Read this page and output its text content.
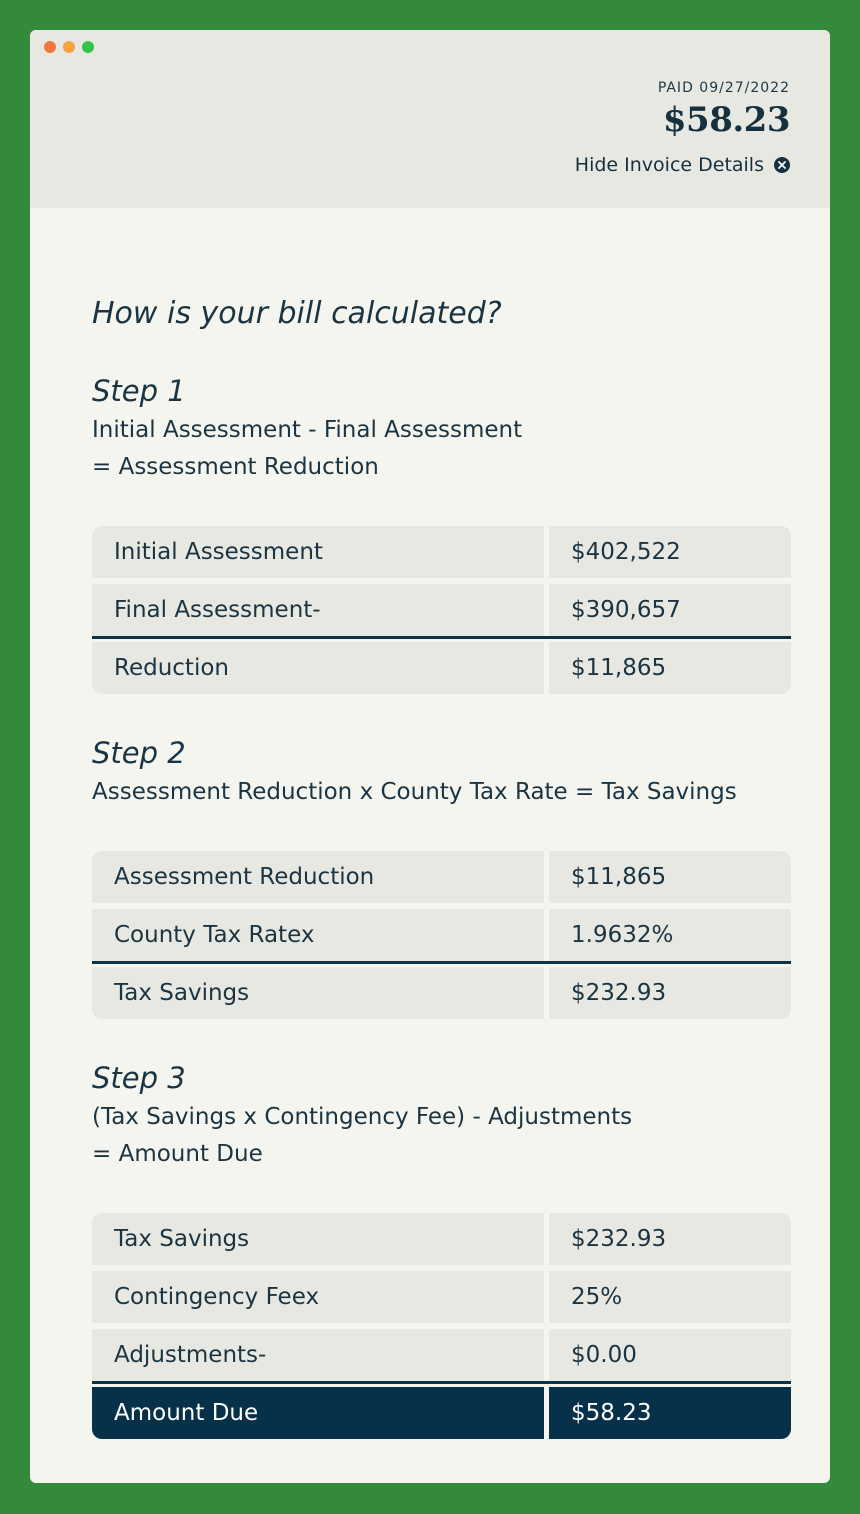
PAID 09/27/2022
$58.23
Hide Invoice Details
How is your bill calculated?
Step 1
Initial Assessment - Final Assessment
= Assessment Reduction
Initial Assessment	$402,522
Final Assessment-	$390,657
Reduction	$11,865
Step 2
Assessment Reduction x County Tax Rate = Tax Savings
Assessment Reduction	$11,865
County Tax Ratex	1.9632%
Tax Savings	$232.93
Step 3
(Tax Savings x Contingency Fee) - Adjustments
= Amount Due
Tax Savings	$232.93
Contingency Feex	25%
Adjustments-	$0.00
Amount Due	$58.23
